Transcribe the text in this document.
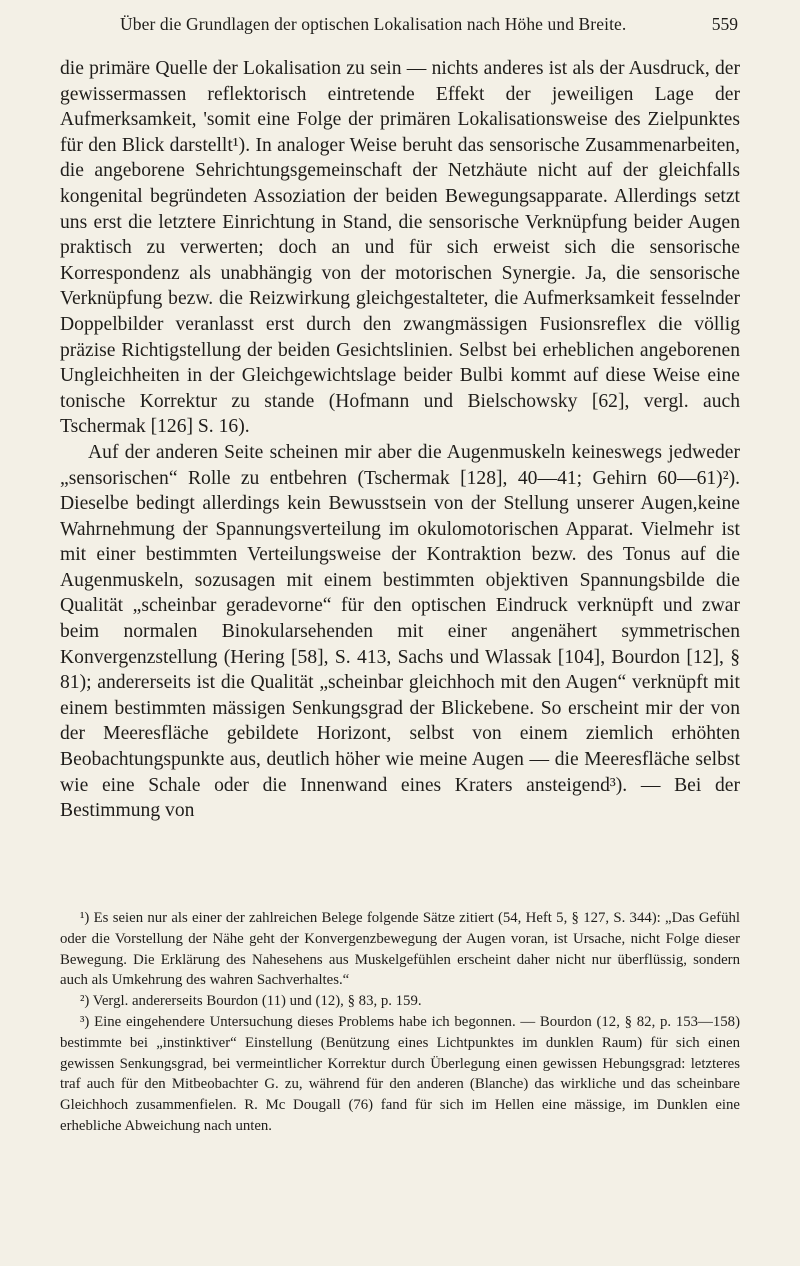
Über die Grundlagen der optischen Lokalisation nach Höhe und Breite.	559

die primäre Quelle der Lokalisation zu sein — nichts anderes ist als der Ausdruck, der gewissermassen reflektorisch eintretende Effekt der jeweiligen Lage der Aufmerksamkeit, 'somit eine Folge der primären Lokalisationsweise des Zielpunktes für den Blick darstellt¹). In analoger Weise beruht das sensorische Zusammenarbeiten, die angeborene Sehrichtungsgemeinschaft der Netzhäute nicht auf der gleichfalls kongenital begründeten Assoziation der beiden Bewegungsapparate. Allerdings setzt uns erst die letztere Einrichtung in Stand, die sensorische Verknüpfung beider Augen praktisch zu verwerten; doch an und für sich erweist sich die sensorische Korrespondenz als unabhängig von der motorischen Synergie. Ja, die sensorische Verknüpfung bezw. die Reizwirkung gleichgestalteter, die Aufmerksamkeit fesselnder Doppelbilder veranlasst erst durch den zwangmässigen Fusionsreflex die völlig präzise Richtigstellung der beiden Gesichtslinien. Selbst bei erheblichen angeborenen Ungleichheiten in der Gleichgewichtslage beider Bulbi kommt auf diese Weise eine tonische Korrektur zu stande (Hofmann und Bielschowsky [62], vergl. auch Tschermak [126] S. 16).

Auf der anderen Seite scheinen mir aber die Augenmuskeln keineswegs jedweder „sensorischen“ Rolle zu entbehren (Tschermak [128], 40—41; Gehirn 60—61)²). Dieselbe bedingt allerdings kein Bewusstsein von der Stellung unserer Augen,keine Wahrnehmung der Spannungsverteilung im okulomotorischen Apparat. Vielmehr ist mit einer bestimmten Verteilungsweise der Kontraktion bezw. des Tonus auf die Augenmuskeln, sozusagen mit einem bestimmten objektiven Spannungsbilde die Qualität „scheinbar geradevorne“ für den optischen Eindruck verknüpft und zwar beim normalen Binokularsehenden mit einer angenähert symmetrischen Konvergenzstellung (Hering [58], S. 413, Sachs und Wlassak [104], Bourdon [12], § 81); andererseits ist die Qualität „scheinbar gleichhoch mit den Augen“ verknüpft mit einem bestimmten mässigen Senkungsgrad der Blickebene. So erscheint mir der von der Meeresfläche gebildete Horizont, selbst von einem ziemlich erhöhten Beobachtungspunkte aus, deutlich höher wie meine Augen — die Meeresfläche selbst wie eine Schale oder die Innenwand eines Kraters ansteigend³). — Bei der Bestimmung von

¹) Es seien nur als einer der zahlreichen Belege folgende Sätze zitiert (54, Heft 5, § 127, S. 344): „Das Gefühl oder die Vorstellung der Nähe geht der Konvergenzbewegung der Augen voran, ist Ursache, nicht Folge dieser Bewegung. Die Erklärung des Nahesehens aus Muskelgefühlen erscheint daher nicht nur überflüssig, sondern auch als Umkehrung des wahren Sachverhaltes.“

²) Vergl. andererseits Bourdon (11) und (12), § 83, p. 159.

³) Eine eingehendere Untersuchung dieses Problems habe ich begonnen. — Bourdon (12, § 82, p. 153—158) bestimmte bei „instinktiver“ Einstellung (Benützung eines Lichtpunktes im dunklen Raum) für sich einen gewissen Senkungsgrad, bei vermeintlicher Korrektur durch Überlegung einen gewissen Hebungsgrad: letzteres traf auch für den Mitbeobachter G. zu, während für den anderen (Blanche) das wirkliche und das scheinbare Gleichhoch zusammenfielen. R. Mc Dougall (76) fand für sich im Hellen eine mässige, im Dunklen eine erhebliche Abweichung nach unten.
